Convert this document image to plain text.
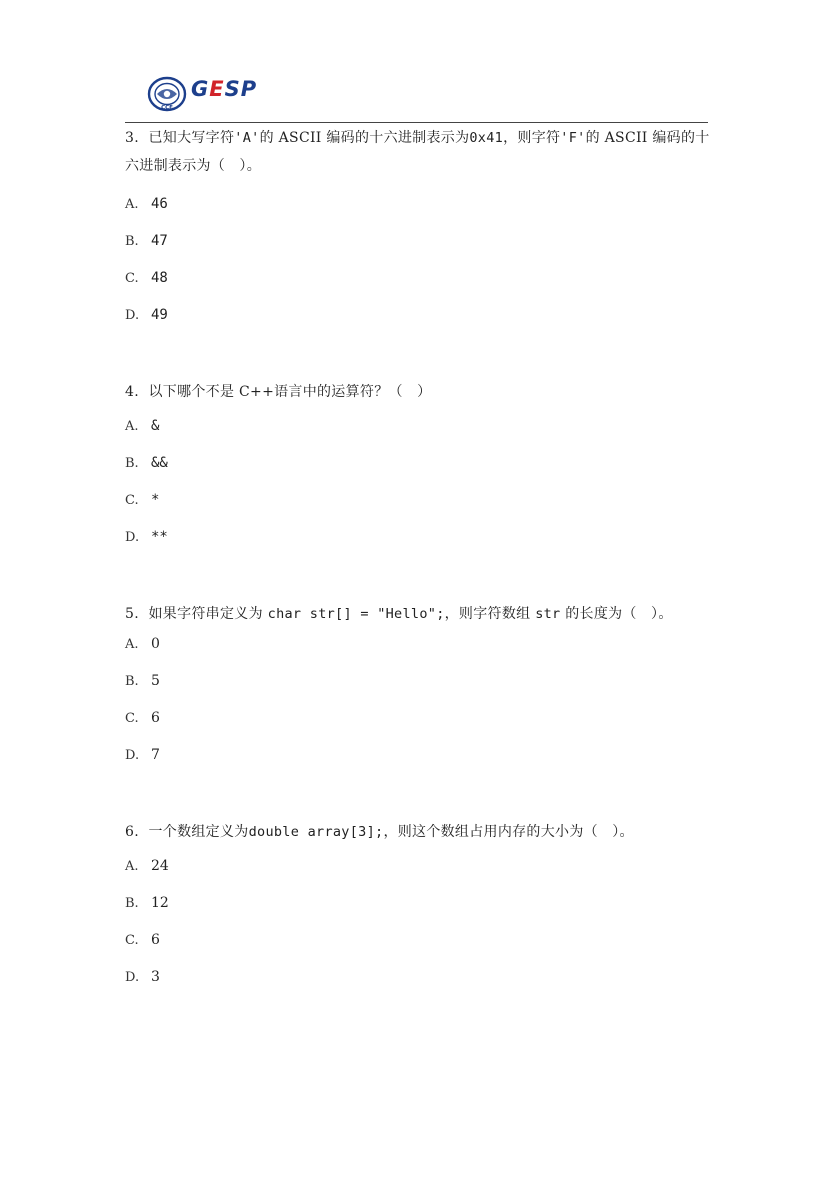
CCF
GESP

3. 已知大写字符'A'的 ASCII 编码的十六进制表示为0x41，则字符'F'的 ASCII 编码的十六进制表示为（　）。

A. 46
B. 47
C. 48
D. 49

4. 以下哪个不是 C++语言中的运算符？（　）

A. &
B. &&
C. *
D. **

5. 如果字符串定义为 char str[] = "Hello";，则字符数组 str 的长度为（　）。

A. 0
B. 5
C. 6
D. 7

6. 一个数组定义为double array[3];，则这个数组占用内存的大小为（　）。

A. 24
B. 12
C. 6
D. 3
